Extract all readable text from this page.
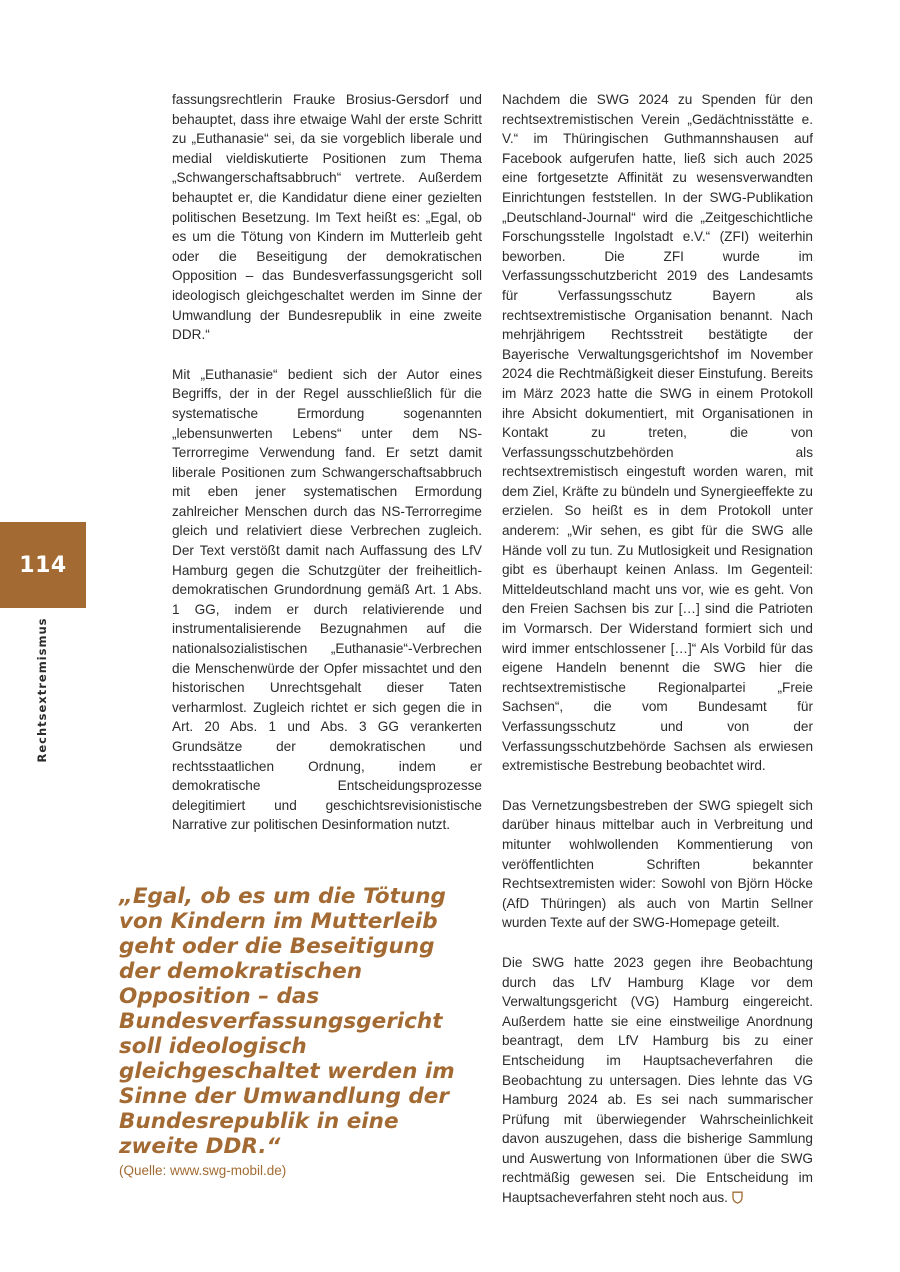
114
Rechtsextremismus

fassungsrechtlerin Frauke Brosius-Gersdorf und behauptet, dass ihre etwaige Wahl der erste Schritt zu „Euthanasie“ sei, da sie vorgeblich liberale und medial vieldiskutierte Positionen zum Thema „Schwangerschaftsabbruch“ vertrete. Außerdem behauptet er, die Kandidatur diene einer gezielten politischen Besetzung. Im Text heißt es: „Egal, ob es um die Tötung von Kindern im Mutterleib geht oder die Beseitigung der demokratischen Opposition – das Bundesverfassungsgericht soll ideologisch gleichgeschaltet werden im Sinne der Umwandlung der Bundesrepublik in eine zweite DDR.“

Mit „Euthanasie“ bedient sich der Autor eines Begriffs, der in der Regel ausschließlich für die systematische Ermordung sogenannten „lebensunwerten Lebens“ unter dem NS-Terrorregime Verwendung fand. Er setzt damit liberale Positionen zum Schwangerschaftsabbruch mit eben jener systematischen Ermordung zahlreicher Menschen durch das NS-Terrorregime gleich und relativiert diese Verbrechen zugleich. Der Text verstößt damit nach Auffassung des LfV Hamburg gegen die Schutzgüter der freiheitlich-demokratischen Grundordnung gemäß Art. 1 Abs. 1 GG, indem er durch relativierende und instrumentalisierende Bezugnahmen auf die nationalsozialistischen „Euthanasie“-Verbrechen die Menschenwürde der Opfer missachtet und den historischen Unrechtsgehalt dieser Taten verharmlost. Zugleich richtet er sich gegen die in Art. 20 Abs. 1 und Abs. 3 GG verankerten Grundsätze der demokratischen und rechtsstaatlichen Ordnung, indem er demokratische Entscheidungsprozesse delegitimiert und geschichtsrevisionistische Narrative zur politischen Desinformation nutzt.

„Egal, ob es um die Tötung von Kindern im Mutterleib geht oder die Beseitigung der demokratischen Opposition – das Bundesverfassungsgericht soll ideologisch gleichgeschaltet werden im Sinne der Umwandlung der Bundesrepublik in eine zweite DDR.“

(Quelle: www.swg-mobil.de)

Nachdem die SWG 2024 zu Spenden für den rechtsextremistischen Verein „Gedächtnisstätte e. V.“ im Thüringischen Guthmannshausen auf Facebook aufgerufen hatte, ließ sich auch 2025 eine fortgesetzte Affinität zu wesensverwandten Einrichtungen feststellen. In der SWG-Publikation „Deutschland-Journal“ wird die „Zeitgeschichtliche Forschungsstelle Ingolstadt e.V.“ (ZFI) weiterhin beworben. Die ZFI wurde im Verfassungsschutzbericht 2019 des Landesamts für Verfassungsschutz Bayern als rechtsextremistische Organisation benannt. Nach mehrjährigem Rechtsstreit bestätigte der Bayerische Verwaltungsgerichtshof im November 2024 die Rechtmäßigkeit dieser Einstufung. Bereits im März 2023 hatte die SWG in einem Protokoll ihre Absicht dokumentiert, mit Organisationen in Kontakt zu treten, die von Verfassungsschutzbehörden als rechtsextremistisch eingestuft worden waren, mit dem Ziel, Kräfte zu bündeln und Synergieeffekte zu erzielen. So heißt es in dem Protokoll unter anderem: „Wir sehen, es gibt für die SWG alle Hände voll zu tun. Zu Mutlosigkeit und Resignation gibt es überhaupt keinen Anlass. Im Gegenteil: Mitteldeutschland macht uns vor, wie es geht. Von den Freien Sachsen bis zur […] sind die Patrioten im Vormarsch. Der Widerstand formiert sich und wird immer entschlossener […]“ Als Vorbild für das eigene Handeln benennt die SWG hier die rechtsextremistische Regionalpartei „Freie Sachsen“, die vom Bundesamt für Verfassungsschutz und von der Verfassungsschutzbehörde Sachsen als erwiesen extremistische Bestrebung beobachtet wird.

Das Vernetzungsbestreben der SWG spiegelt sich darüber hinaus mittelbar auch in Verbreitung und mitunter wohlwollenden Kommentierung von veröffentlichten Schriften bekannter Rechtsextremisten wider: Sowohl von Björn Höcke (AfD Thüringen) als auch von Martin Sellner wurden Texte auf der SWG-Homepage geteilt.

Die SWG hatte 2023 gegen ihre Beobachtung durch das LfV Hamburg Klage vor dem Verwaltungsgericht (VG) Hamburg eingereicht. Außerdem hatte sie eine einstweilige Anordnung beantragt, dem LfV Hamburg bis zu einer Entscheidung im Hauptsacheverfahren die Beobachtung zu untersagen. Dies lehnte das VG Hamburg 2024 ab. Es sei nach summarischer Prüfung mit überwiegender Wahrscheinlichkeit davon auszugehen, dass die bisherige Sammlung und Auswertung von Informationen über die SWG rechtmäßig gewesen sei. Die Entscheidung im Hauptsacheverfahren steht noch aus.
